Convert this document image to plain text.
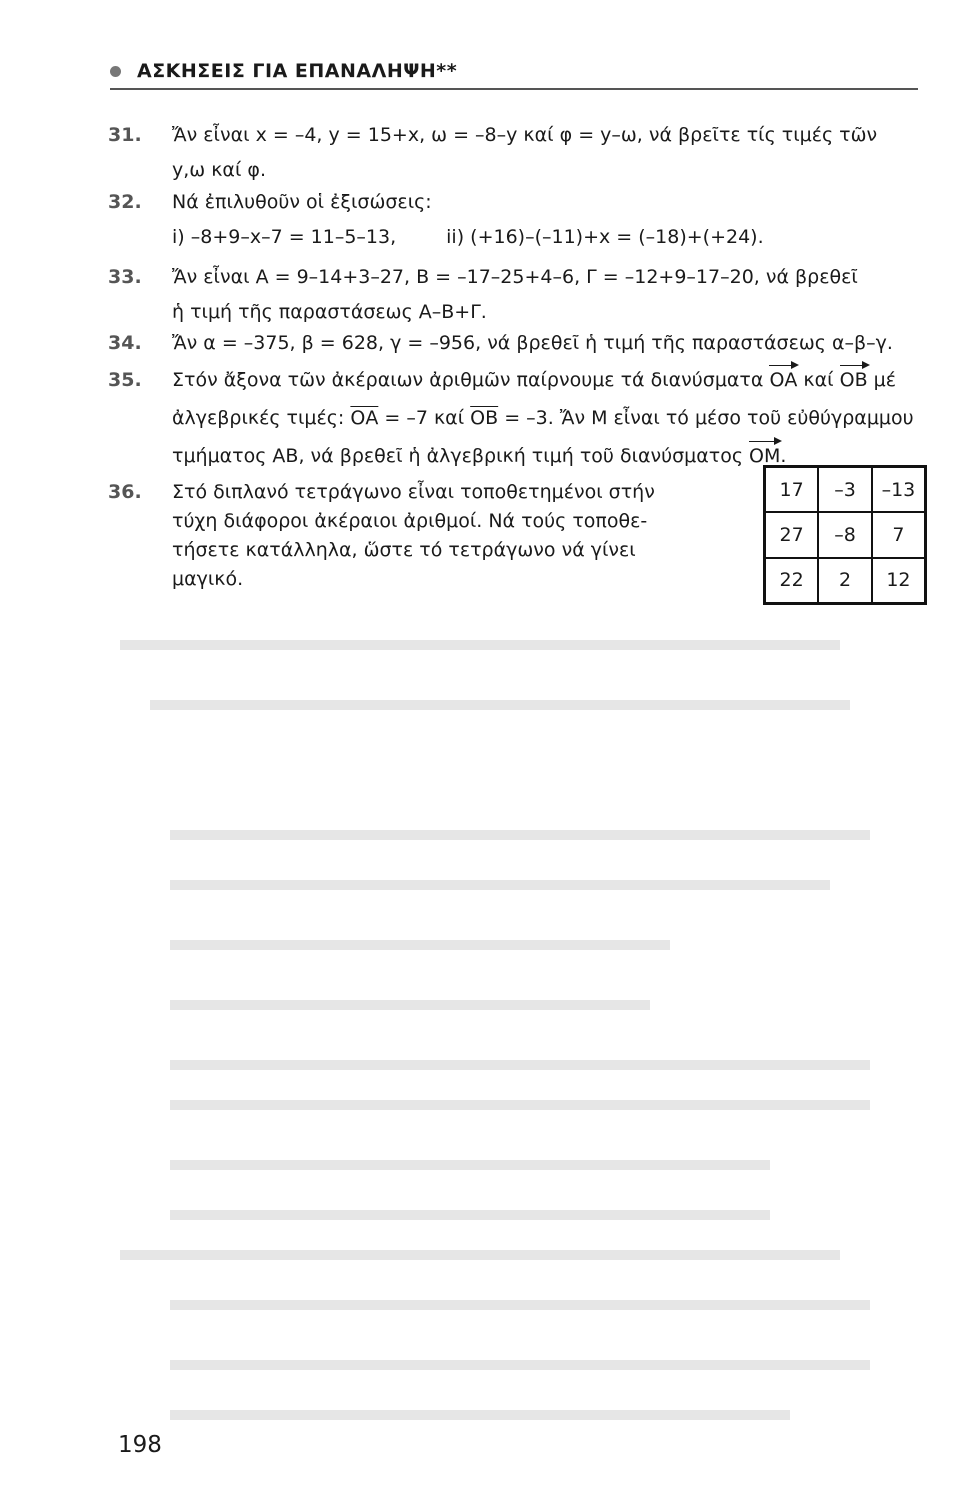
ΑΣΚΗΣΕΙΣ ΓΙΑ ΕΠΑΝΑΛΗΨΗ**
31.	Ἄν εἶναι x = –4, y = 15+x, ω = –8–y καί φ = y–ω, νά βρεῖτε τίς τιμές τῶν
y,ω καί φ.
32.	Νά ἐπιλυθοῦν οἱ ἐξισώσεις:
i) –8+9–x–7 = 11–5–13,	ii) (+16)–(–11)+x = (–18)+(+24).
33.	Ἄν εἶναι Α = 9–14+3–27, Β = –17–25+4–6, Γ = –12+9–17–20, νά βρεθεῖ
ἡ τιμή τῆς παραστάσεως Α–Β+Γ.
34.	Ἄν α = –375, β = 628, γ = –956, νά βρεθεῖ ἡ τιμή τῆς παραστάσεως α–β–γ.
35.	Στόν ἄξονα τῶν ἀκέραιων ἀριθμῶν παίρνουμε τά διανύσματα ΟΑ καί ΟΒ μέ
ἀλγεβρικές τιμές: $\overline{OA} = -7$ καί $\overline{OB} = -3$. Ἄν Μ εἶναι τό μέσο τοῦ εὐθύγραμμου
τμήματος ΑΒ, νά βρεθεῖ ἡ ἀλγεβρική τιμή τοῦ διανύσματος ΟΜ.
36.	Στό διπλανό τετράγωνο εἶναι τοποθετημένοι στήν
τύχη διάφοροι ἀκέραιοι ἀριθμοί. Νά τούς τοποθε-
τήσετε κατάλληλα, ὥστε τό τετράγωνο νά γίνει
μαγικό.
17	–3	–13
27	–8	7
22	2	12
198
